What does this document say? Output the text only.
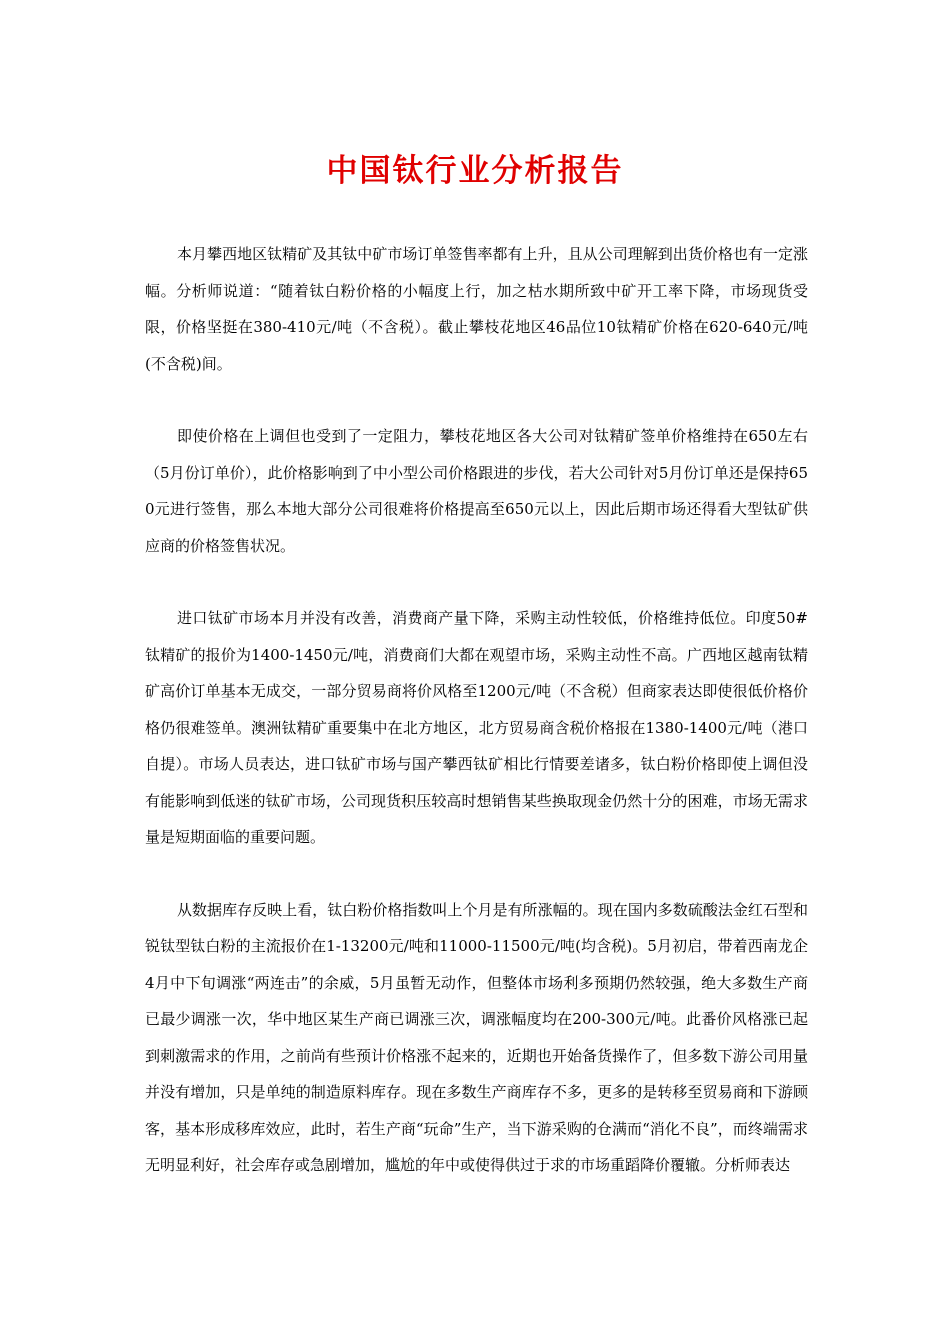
中国钛行业分析报告

本月攀西地区钛精矿及其钛中矿市场订单签售率都有上升，且从公司理解到出货价格也有一定涨幅。分析师说道：“随着钛白粉价格的小幅度上行，加之枯水期所致中矿开工率下降，市场现货受限，价格坚挺在380-410元/吨（不含税）。截止攀枝花地区46品位10钛精矿价格在620-640元/吨(不含税)间。

即使价格在上调但也受到了一定阻力，攀枝花地区各大公司对钛精矿签单价格维持在650左右（5月份订单价），此价格影响到了中小型公司价格跟进的步伐，若大公司针对5月份订单还是保持650元进行签售，那么本地大部分公司很难将价格提高至650元以上，因此后期市场还得看大型钛矿供应商的价格签售状况。

进口钛矿市场本月并没有改善，消费商产量下降，采购主动性较低，价格维持低位。印度50#钛精矿的报价为1400-1450元/吨，消费商们大都在观望市场，采购主动性不高。广西地区越南钛精矿高价订单基本无成交，一部分贸易商将价风格至1200元/吨（不含税）但商家表达即使很低价格价格仍很难签单。澳洲钛精矿重要集中在北方地区，北方贸易商含税价格报在1380-1400元/吨（港口自提）。市场人员表达，进口钛矿市场与国产攀西钛矿相比行情要差诸多，钛白粉价格即使上调但没有能影响到低迷的钛矿市场，公司现货积压较高时想销售某些换取现金仍然十分的困难，市场无需求量是短期面临的重要问题。

从数据库存反映上看，钛白粉价格指数叫上个月是有所涨幅的。现在国内多数硫酸法金红石型和锐钛型钛白粉的主流报价在1-13200元/吨和11000-11500元/吨(均含税)。5月初启，带着西南龙企4月中下旬调涨“两连击”的余威，5月虽暂无动作，但整体市场利多预期仍然较强，绝大多数生产商已最少调涨一次，华中地区某生产商已调涨三次，调涨幅度均在200-300元/吨。此番价风格涨已起到刺激需求的作用，之前尚有些预计价格涨不起来的，近期也开始备货操作了，但多数下游公司用量并没有增加，只是单纯的制造原料库存。现在多数生产商库存不多，更多的是转移至贸易商和下游顾客，基本形成移库效应，此时，若生产商“玩命”生产，当下游采购的仓满而“消化不良”，而终端需求无明显利好，社会库存或急剧增加，尴尬的年中或使得供过于求的市场重蹈降价覆辙。分析师表达
